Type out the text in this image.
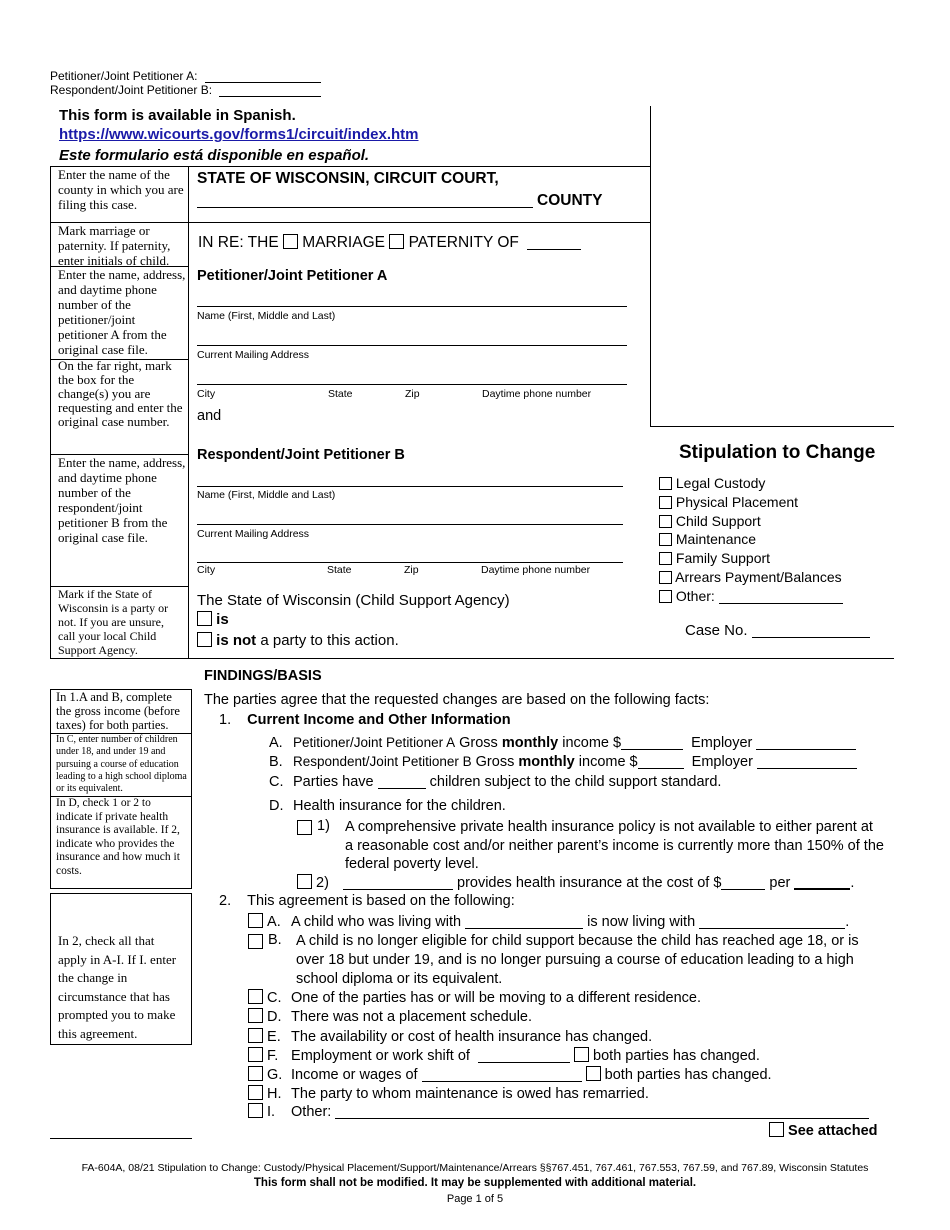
Petitioner/Joint Petitioner A:
Respondent/Joint Petitioner B:
This form is available in Spanish.
https://www.wicourts.gov/forms1/circuit/index.htm
Este formulario está disponible en español.
Enter the name of the county in which you are filing this case.
Mark marriage or paternity. If paternity, enter initials of child.
Enter the name, address, and daytime phone number of the petitioner/joint petitioner A from the original case file.
On the far right, mark the box for the change(s) you are requesting and enter the original case number.
Enter the name, address, and daytime phone number of the respondent/joint petitioner B from the original case file.
Mark if the State of Wisconsin is a party or not. If you are unsure, call your local Child Support Agency.
STATE OF WISCONSIN, CIRCUIT COURT,
COUNTY
IN RE: THE MARRIAGE PATERNITY OF
Petitioner/Joint Petitioner A
Name (First, Middle and Last)
Current Mailing Address
City	State	Zip	Daytime phone number
and
Respondent/Joint Petitioner B
Name (First, Middle and Last)
Current Mailing Address
City	State	Zip	Daytime phone number
The State of Wisconsin (Child Support Agency)
is
is not a party to this action.
Stipulation to Change
Legal Custody
Physical Placement
Child Support
Maintenance
Family Support
Arrears Payment/Balances
Other:
Case No.
FINDINGS/BASIS
In 1.A and B, complete the gross income (before taxes) for both parties.
In C, enter number of children under 18, and under 19 and pursuing a course of education leading to a high school diploma or its equivalent.
In D, check 1 or 2 to indicate if private health insurance is available. If 2, indicate who provides the insurance and how much it costs.
In 2, check all that apply in A-I. If I. enter the change in circumstance that has prompted you to make this agreement.
The parties agree that the requested changes are based on the following facts:
1. Current Income and Other Information
A. Petitioner/Joint Petitioner A Gross monthly income $	Employer
B. Respondent/Joint Petitioner B Gross monthly income $	Employer
C. Parties have	children subject to the child support standard.
D. Health insurance for the children.
1) A comprehensive private health insurance policy is not available to either parent at a reasonable cost and/or neither parent’s income is currently more than 150% of the federal poverty level.
2)	provides health insurance at the cost of $	per	.
2. This agreement is based on the following:
A. A child who was living with	is now living with	.
B. A child is no longer eligible for child support because the child has reached age 18, or is over 18 but under 19, and is no longer pursuing a course of education leading to a high school diploma or its equivalent.
C. One of the parties has or will be moving to a different residence.
D. There was not a placement schedule.
E. The availability or cost of health insurance has changed.
F. Employment or work shift of	both parties has changed.
G. Income or wages of	both parties has changed.
H. The party to whom maintenance is owed has remarried.
I. Other:
See attached
FA-604A, 08/21 Stipulation to Change: Custody/Physical Placement/Support/Maintenance/Arrears §§767.451, 767.461, 767.553, 767.59, and 767.89, Wisconsin Statutes
This form shall not be modified. It may be supplemented with additional material.
Page 1 of 5
